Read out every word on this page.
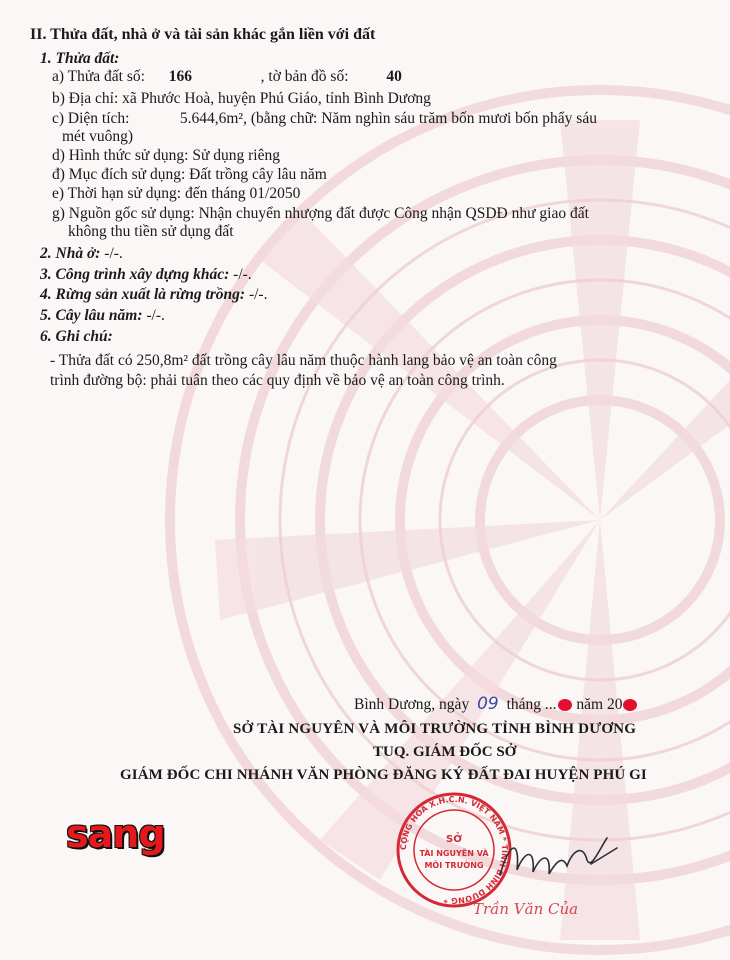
II. Thửa đất, nhà ở và tài sản khác gắn liền với đất
1. Thửa đất:
a) Thửa đất số: 166	, tờ bản đồ số: 40
b) Địa chỉ: xã Phước Hoà, huyện Phú Giáo, tỉnh Bình Dương
c) Diện tích:	5.644,6m², (bằng chữ: Năm nghìn sáu trăm bốn mươi bốn phẩy sáu
mét vuông)
d) Hình thức sử dụng: Sử dụng riêng
đ) Mục đích sử dụng: Đất trồng cây lâu năm
e) Thời hạn sử dụng: đến tháng 01/2050
g) Nguồn gốc sử dụng: Nhận chuyển nhượng đất được Công nhận QSDĐ như giao đất
không thu tiền sử dụng đất
2. Nhà ở: -/-.
3. Công trình xây dựng khác: -/-.
4. Rừng sản xuất là rừng trồng: -/-.
5. Cây lâu năm: -/-.
6. Ghi chú:
- Thửa đất có 250,8m² đất trồng cây lâu năm thuộc hành lang bảo vệ an toàn công
trình đường bộ: phải tuân theo các quy định về bảo vệ an toàn công trình.
Bình Dương, ngày 09 tháng ... năm 20
SỞ TÀI NGUYÊN VÀ MÔI TRƯỜNG TỈNH BÌNH DƯƠNG
TUQ. GIÁM ĐỐC SỞ
GIÁM ĐỐC CHI NHÁNH VĂN PHÒNG ĐĂNG KÝ ĐẤT ĐAI HUYỆN PHÚ GI
CỘNG HÒA X.H.C.N. VIỆT NAM * TỈNH BÌNH DƯƠNG *
SỞ
TÀI NGUYÊN VÀ
MÔI TRƯỜNG
Trần Văn Của
sang
